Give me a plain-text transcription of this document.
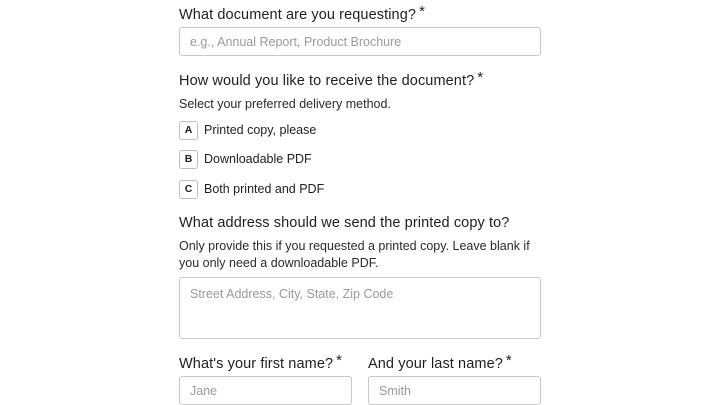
What document are you requesting? *
e.g., Annual Report, Product Brochure
How would you like to receive the document? *
Select your preferred delivery method.
A Printed copy, please
B Downloadable PDF
C Both printed and PDF
What address should we send the printed copy to?
Only provide this if you requested a printed copy. Leave blank if you only need a downloadable PDF.
Street Address, City, State, Zip Code
What's your first name? *
Jane And your last name? *
Smith
